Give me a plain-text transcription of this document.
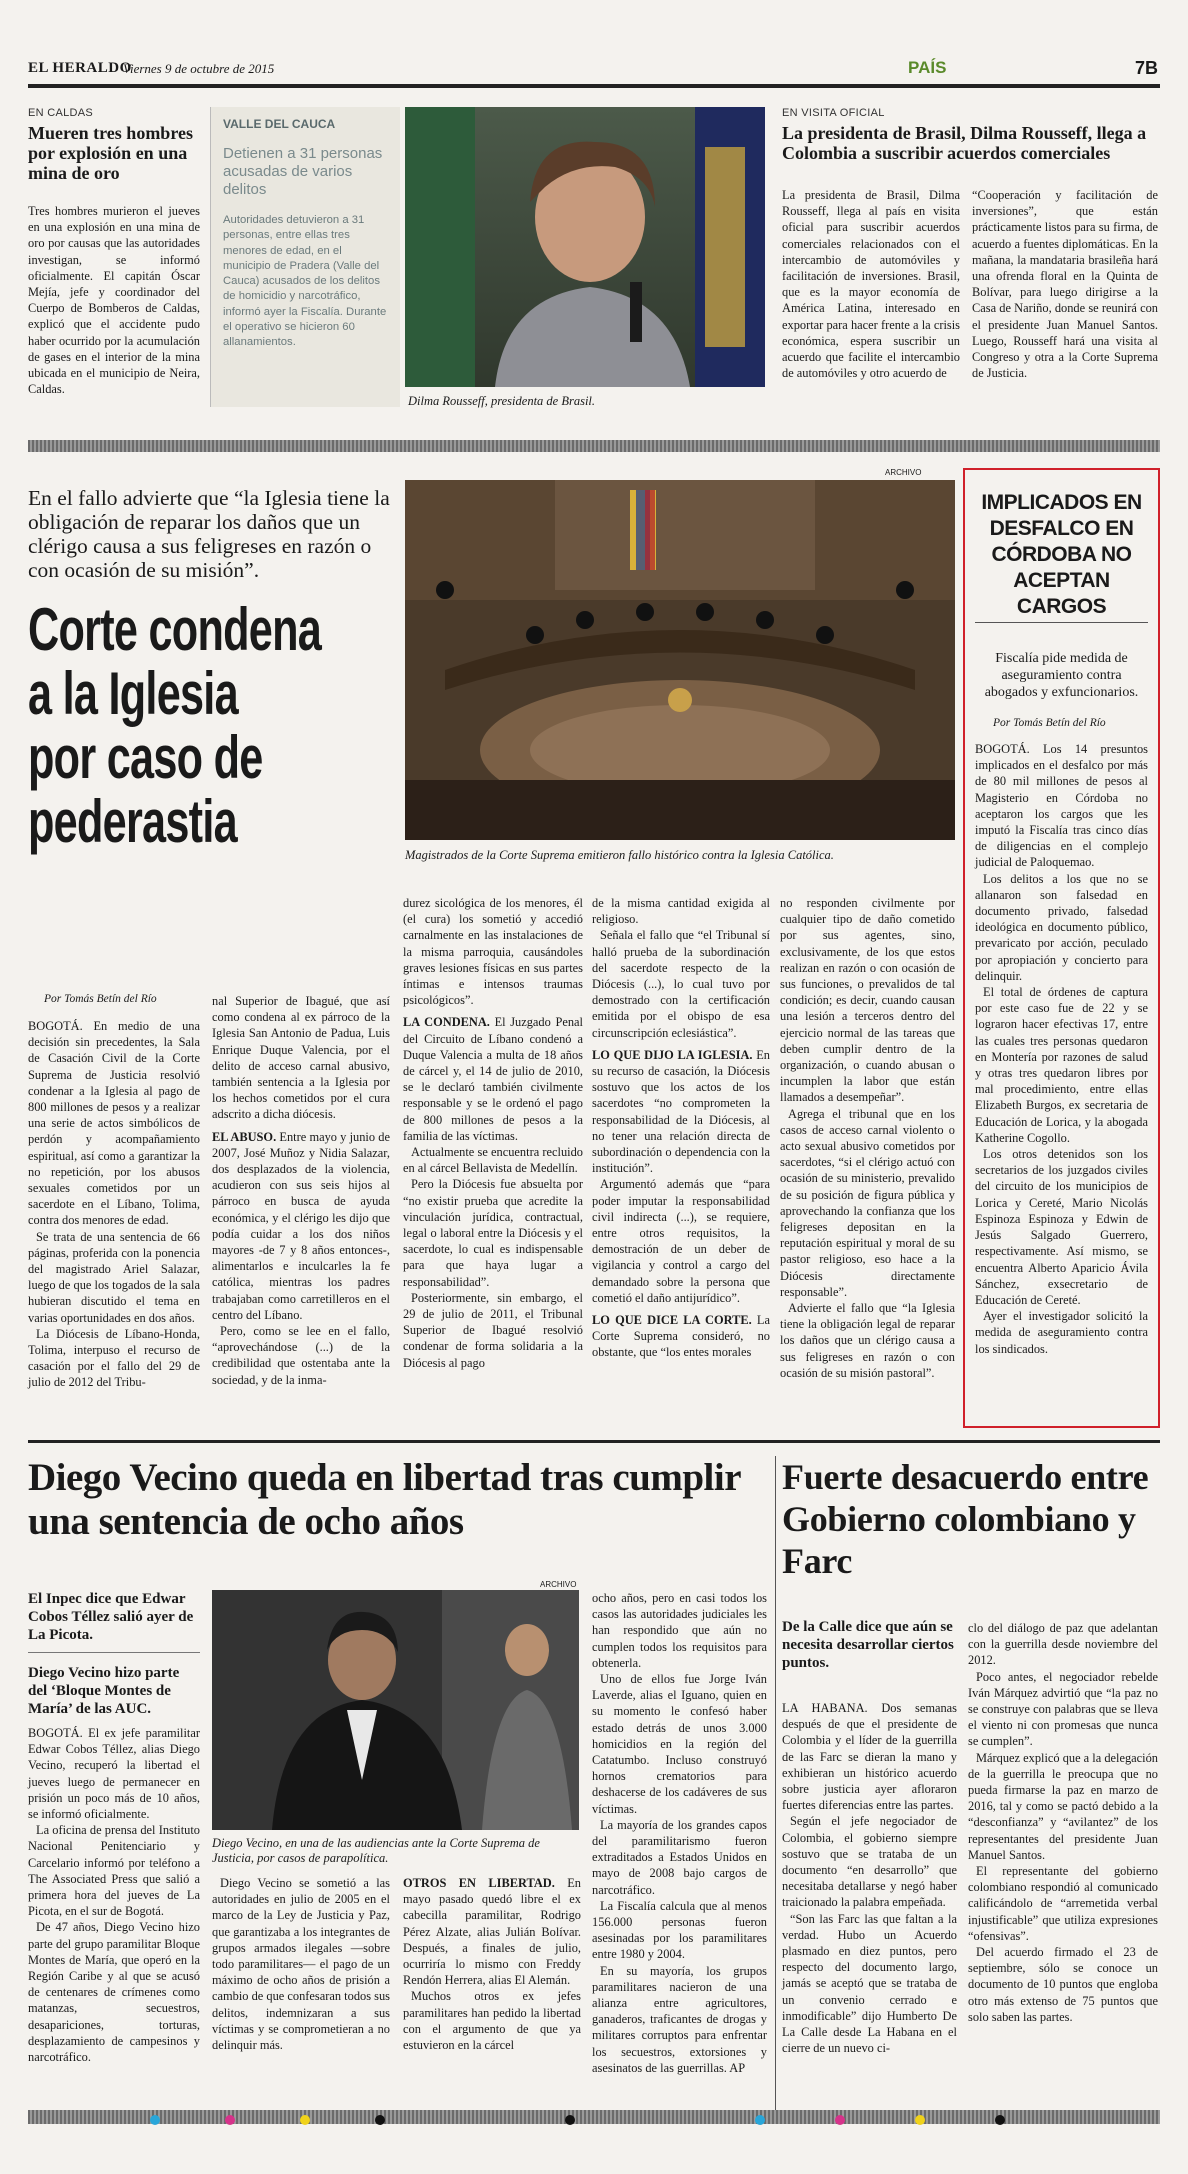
EL HERALDO
Viernes 9 de octubre de 2015	PAÍS	7B
EN CALDAS
Mueren tres hombres por explosión en una mina de oro
Tres hombres murieron el jueves en una explosión en una mina de oro por causas que las autoridades investigan, se informó oficialmente. El capitán Óscar Mejía, jefe y coordinador del Cuerpo de Bomberos de Caldas, explicó que el accidente pudo haber ocurrido por la acumulación de gases en el interior de la mina ubicada en el municipio de Neira, Caldas.
VALLE DEL CAUCA
Detienen a 31 personas acusadas de varios delitos
Autoridades detuvieron a 31 personas, entre ellas tres menores de edad, en el municipio de Pradera (Valle del Cauca) acusados de los delitos de homicidio y narcotráfico, informó ayer la Fiscalía. Durante el operativo se hicieron 60 allanamientos.
Dilma Rousseff, presidenta de Brasil.
EN VISITA OFICIAL
La presidenta de Brasil, Dilma Rousseff, llega a Colombia a suscribir acuerdos comerciales
La presidenta de Brasil, Dilma Rousseff, llega al país en visita oficial para suscribir acuerdos comerciales relacionados con el intercambio de automóviles y facilitación de inversiones. Brasil, que es la mayor economía de América Latina, interesado en exportar para hacer frente a la crisis económica, espera suscribir un acuerdo que facilite el intercambio de automóviles y otro acuerdo de
“Cooperación y facilitación de inversiones”, que están prácticamente listos para su firma, de acuerdo a fuentes diplomáticas. En la mañana, la mandataria brasileña hará una ofrenda floral en la Quinta de Bolívar, para luego dirigirse a la Casa de Nariño, donde se reunirá con el presidente Juan Manuel Santos. Luego, Rousseff hará una visita al Congreso y otra a la Corte Suprema de Justicia.
En el fallo advierte que “la Iglesia tiene la obligación de reparar los daños que un clérigo causa a sus feligreses en razón o con ocasión de su misión”.
Corte condena
a la Iglesia
por caso de
pederastia
ARCHIVO
Magistrados de la Corte Suprema emitieron fallo histórico contra la Iglesia Católica.
Por Tomás Betín del Río

BOGOTÁ. En medio de una decisión sin precedentes, la Sala de Casación Civil de la Corte Suprema de Justicia resolvió condenar a la Iglesia al pago de 800 millones de pesos y a realizar una serie de actos simbólicos de perdón y acompañamiento espiritual, así como a garantizar la no repetición, por los abusos sexuales cometidos por un sacerdote en el Líbano, Tolima, contra dos menores de edad.

Se trata de una sentencia de 66 páginas, proferida con la ponencia del magistrado Ariel Salazar, luego de que los togados de la sala hubieran discutido el tema en varias oportunidades en dos años.

La Diócesis de Líbano-Honda, Tolima, interpuso el recurso de casación por el fallo del 29 de julio de 2012 del Tribu-

nal Superior de Ibagué, que así como condena al ex párroco de la Iglesia San Antonio de Padua, Luis Enrique Duque Valencia, por el delito de acceso carnal abusivo, también sentencia a la Iglesia por los hechos cometidos por el cura adscrito a dicha diócesis.

EL ABUSO. Entre mayo y junio de 2007, José Muñoz y Nidia Salazar, dos desplazados de la violencia, acudieron con sus seis hijos al párroco en busca de ayuda económica, y el clérigo les dijo que podía cuidar a los dos niños mayores -de 7 y 8 años entonces-, alimentarlos e inculcarles la fe católica, mientras los padres trabajaban como carretilleros en el centro del Líbano.

Pero, como se lee en el fallo, “aprovechándose (...) de la credibilidad que ostentaba ante la sociedad, y de la inma-

durez sicológica de los menores, él (el cura) los sometió y accedió carnalmente en las instalaciones de la misma parroquia, causándoles graves lesiones físicas en sus partes íntimas e intensos traumas psicológicos”.

LA CONDENA. El Juzgado Penal del Circuito de Líbano condenó a Duque Valencia a multa de 18 años de cárcel y, el 14 de julio de 2010, se le declaró también civilmente responsable y se le ordenó el pago de 800 millones de pesos a la familia de las víctimas.

Actualmente se encuentra recluido en al cárcel Bellavista de Medellín.

Pero la Diócesis fue absuelta por “no existir prueba que acredite la vinculación jurídica, contractual, legal o laboral entre la Diócesis y el sacerdote, lo cual es indispensable para que haya lugar a responsabilidad”.

Posteriormente, sin embargo, el 29 de julio de 2011, el Tribunal Superior de Ibagué resolvió condenar de forma solidaria a la Diócesis al pago

de la misma cantidad exigida al religioso.

Señala el fallo que “el Tribunal sí halló prueba de la subordinación del sacerdote respecto de la Diócesis (...), lo cual tuvo por demostrado con la certificación emitida por el obispo de esa circunscripción eclesiástica”.

LO QUE DIJO LA IGLESIA. En su recurso de casación, la Diócesis sostuvo que los actos de los sacerdotes “no comprometen la responsabilidad de la Diócesis, al no tener una relación directa de subordinación o dependencia con la institución”.

Argumentó además que “para poder imputar la responsabilidad civil indirecta (...), se requiere, entre otros requisitos, la demostración de un deber de vigilancia y control a cargo del demandado sobre la persona que cometió el daño antijurídico”.

LO QUE DICE LA CORTE. La Corte Suprema consideró, no obstante, que “los entes morales

no responden civilmente por cualquier tipo de daño cometido por sus agentes, sino, exclusivamente, de los que estos realizan en razón o con ocasión de sus funciones, o prevalidos de tal condición; es decir, cuando causan una lesión a terceros dentro del ejercicio normal de las tareas que deben cumplir dentro de la organización, o cuando abusan o incumplen la labor que están llamados a desempeñar”.

Agrega el tribunal que en los casos de acceso carnal violento o acto sexual abusivo cometidos por sacerdotes, “si el clérigo actuó con ocasión de su ministerio, prevalido de su posición de figura pública y aprovechando la confianza que los feligreses depositan en la reputación espiritual y moral de su pastor religioso, eso hace a la Diócesis directamente responsable”.

Advierte el fallo que “la Iglesia tiene la obligación legal de reparar los daños que un clérigo causa a sus feligreses en razón o con ocasión de su misión pastoral”.

IMPLICADOS EN DESFALCO EN CÓRDOBA NO ACEPTAN CARGOS
Fiscalía pide medida de aseguramiento contra abogados y exfuncionarios.
Por Tomás Betín del Río

BOGOTÁ. Los 14 presuntos implicados en el desfalco por más de 80 mil millones de pesos al Magisterio en Córdoba no aceptaron los cargos que les imputó la Fiscalía tras cinco días de diligencias en el complejo judicial de Paloquemao.

Los delitos a los que no se allanaron son falsedad en documento privado, falsedad ideológica en documento público, prevaricato por acción, peculado por apropiación y concierto para delinquir.

El total de órdenes de captura por este caso fue de 22 y se lograron hacer efectivas 17, entre las cuales tres personas quedaron en Montería por razones de salud y otras tres quedaron libres por mal procedimiento, entre ellas Elizabeth Burgos, ex secretaria de Educación de Lorica, y la abogada Katherine Cogollo.

Los otros detenidos son los secretarios de los juzgados civiles del circuito de los municipios de Lorica y Cereté, Mario Nicolás Espinoza Espinoza y Edwin de Jesús Salgado Guerrero, respectivamente. Así mismo, se encuentra Alberto Aparicio Ávila Sánchez, exsecretario de Educación de Cereté.

Ayer el investigador solicitó la medida de aseguramiento contra los sindicados.

Diego Vecino queda en libertad tras cumplir una sentencia de ocho años
El Inpec dice que Edwar Cobos Téllez salió ayer de La Picota.
Diego Vecino hizo parte del ‘Bloque Montes de María’ de las AUC.
ARCHIVO
Diego Vecino, en una de las audiencias ante la Corte Suprema de Justicia, por casos de parapolítica.

BOGOTÁ. El ex jefe paramilitar Edwar Cobos Téllez, alias Diego Vecino, recuperó la libertad el jueves luego de permanecer en prisión un poco más de 10 años, se informó oficialmente.

La oficina de prensa del Instituto Nacional Penitenciario y Carcelario informó por teléfono a The Associated Press que salió a primera hora del jueves de La Picota, en el sur de Bogotá.

De 47 años, Diego Vecino hizo parte del grupo paramilitar Bloque Montes de María, que operó en la Región Caribe y al que se acusó de centenares de crímenes como matanzas, secuestros, desapariciones, torturas, desplazamiento de campesinos y narcotráfico.

Diego Vecino se sometió a las autoridades en julio de 2005 en el marco de la Ley de Justicia y Paz, que garantizaba a los integrantes de grupos armados ilegales —sobre todo paramilitares— el pago de un máximo de ocho años de prisión a cambio de que confesaran todos sus delitos, indemnizaran a sus víctimas y se comprometieran a no delinquir más.

OTROS EN LIBERTAD. En mayo pasado quedó libre el ex cabecilla paramilitar, Rodrigo Pérez Alzate, alias Julián Bolívar. Después, a finales de julio, ocurriría lo mismo con Freddy Rendón Herrera, alias El Alemán.

Muchos otros ex jefes paramilitares han pedido la libertad con el argumento de que ya estuvieron en la cárcel

ocho años, pero en casi todos los casos las autoridades judiciales les han respondido que aún no cumplen todos los requisitos para obtenerla.

Uno de ellos fue Jorge Iván Laverde, alias el Iguano, quien en su momento le confesó haber estado detrás de unos 3.000 homicidios en la región del Catatumbo. Incluso construyó hornos crematorios para deshacerse de los cadáveres de sus víctimas.

La mayoría de los grandes capos del paramilitarismo fueron extraditados a Estados Unidos en mayo de 2008 bajo cargos de narcotráfico.

La Fiscalía calcula que al menos 156.000 personas fueron asesinadas por los paramilitares entre 1980 y 2004.

En su mayoría, los grupos paramilitares nacieron de una alianza entre agricultores, ganaderos, traficantes de drogas y militares corruptos para enfrentar los secuestros, extorsiones y asesinatos de las guerrillas. AP

Fuerte desacuerdo entre Gobierno colombiano y Farc
De la Calle dice que aún se necesita desarrollar ciertos puntos.

LA HABANA. Dos semanas después de que el presidente de Colombia y el líder de la guerrilla de las Farc se dieran la mano y exhibieran un histórico acuerdo sobre justicia ayer afloraron fuertes diferencias entre las partes.

Según el jefe negociador de Colombia, el gobierno siempre sostuvo que se trataba de un documento “en desarrollo” que necesitaba detallarse y negó haber traicionado la palabra empeñada.

“Son las Farc las que faltan a la verdad. Hubo un Acuerdo plasmado en diez puntos, pero respecto del documento largo, jamás se aceptó que se trataba de un convenio cerrado e inmodificable” dijo Humberto De La Calle desde La Habana en el cierre de un nuevo ci-

clo del diálogo de paz que adelantan con la guerrilla desde noviembre del 2012.

Poco antes, el negociador rebelde Iván Márquez advirtió que “la paz no se construye con palabras que se lleva el viento ni con promesas que nunca se cumplen”.

Márquez explicó que a la delegación de la guerrilla le preocupa que no pueda firmarse la paz en marzo de 2016, tal y como se pactó debido a la “desconfianza” y “avilantez” de los representantes del presidente Juan Manuel Santos.

El representante del gobierno colombiano respondió al comunicado calificándolo de “arremetida verbal injustificable” que utiliza expresiones “ofensivas”.

Del acuerdo firmado el 23 de septiembre, sólo se conoce un documento de 10 puntos que engloba otro más extenso de 75 puntos que solo saben las partes.
